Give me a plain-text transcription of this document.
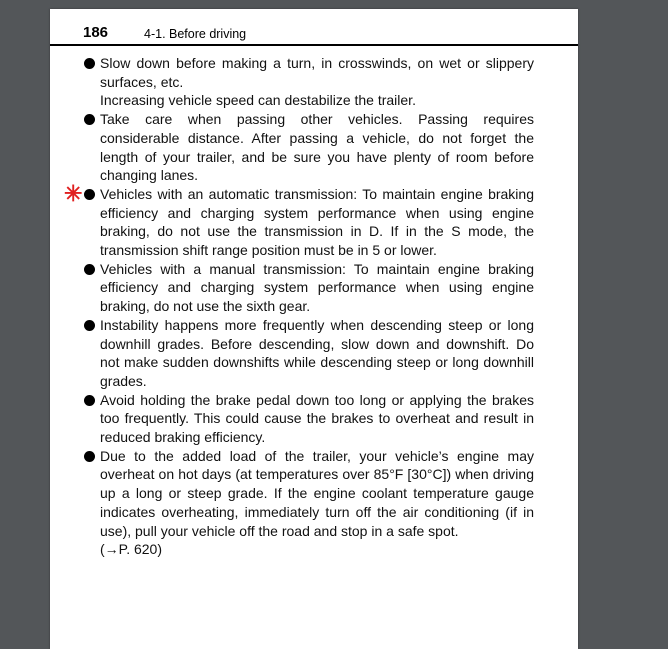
186	4-1. Before driving
Slow down before making a turn, in crosswinds, on wet or slippery surfaces, etc.
Increasing vehicle speed can destabilize the trailer.
Take care when passing other vehicles. Passing requires considerable distance. After passing a vehicle, do not forget the length of your trailer, and be sure you have plenty of room before changing lanes.
✳ Vehicles with an automatic transmission: To maintain engine braking efficiency and charging system performance when using engine braking, do not use the transmission in D. If in the S mode, the transmission shift range position must be in 5 or lower.
Vehicles with a manual transmission: To maintain engine braking efficiency and charging system performance when using engine braking, do not use the sixth gear.
Instability happens more frequently when descending steep or long downhill grades. Before descending, slow down and downshift. Do not make sudden downshifts while descending steep or long downhill grades.
Avoid holding the brake pedal down too long or applying the brakes too frequently. This could cause the brakes to overheat and result in reduced braking efficiency.
Due to the added load of the trailer, your vehicle’s engine may overheat on hot days (at temperatures over 85°F [30°C]) when driving up a long or steep grade. If the engine coolant temperature gauge indicates overheating, immediately turn off the air conditioning (if in use), pull your vehicle off the road and stop in a safe spot.
(→P. 620)
